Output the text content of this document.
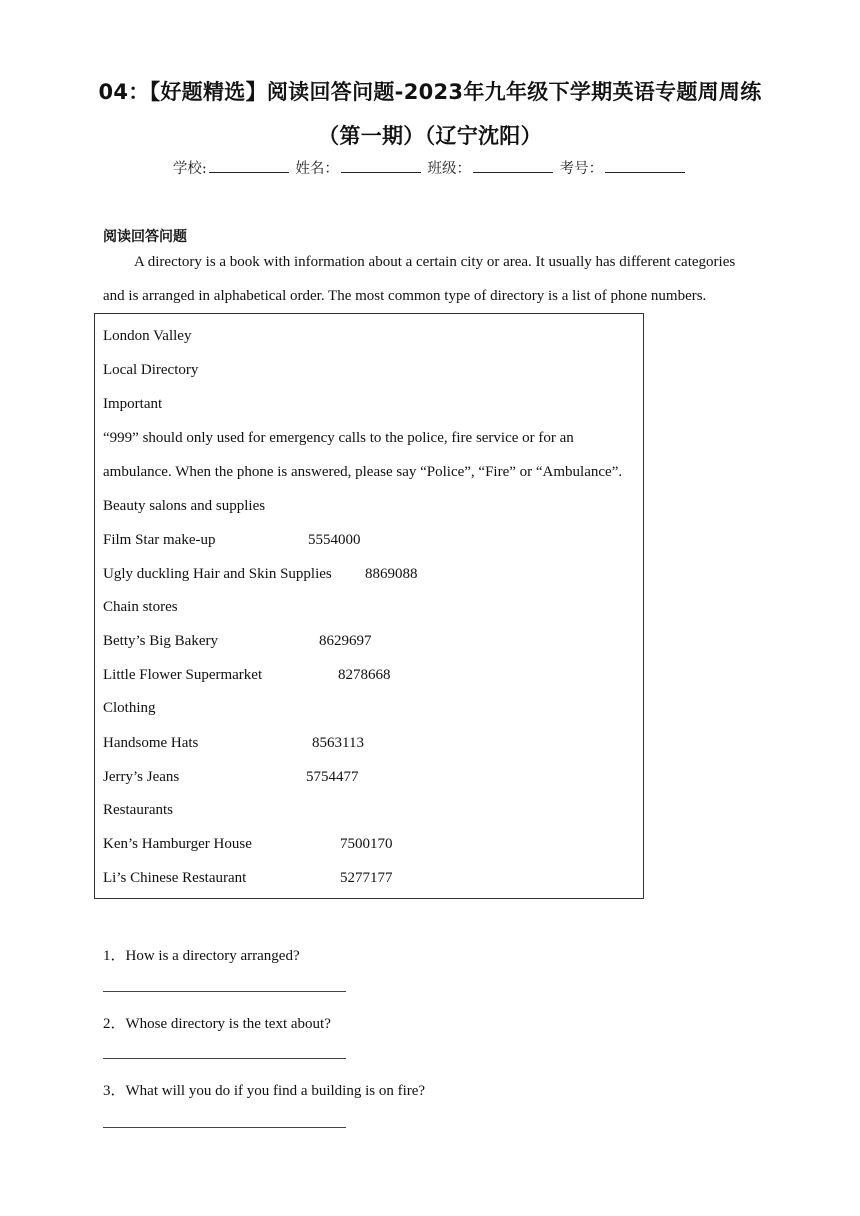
04：【好题精选】阅读回答问题-2023年九年级下学期英语专题周周练
（第一期）（辽宁沈阳）
学校:	姓名：	班级：	考号：
阅读回答问题
A directory is a book with information about a certain city or area. It usually has different categories
and is arranged in alphabetical order. The most common type of directory is a list of phone numbers.
London Valley
Local Directory
Important
“999” should only used for emergency calls to the police, fire service or for an
ambulance. When the phone is answered, please say “Police”, “Fire” or “Ambulance”.
Beauty salons and supplies
Film Star make-up	5554000
Ugly duckling Hair and Skin Supplies 8869088
Chain stores
Betty’s Big Bakery	8629697
Little Flower Supermarket	8278668
Clothing
Handsome Hats	8563113
Jerry’s Jeans	5754477
Restaurants
Ken’s Hamburger House	7500170
Li’s Chinese Restaurant	5277177
1．How is a directory arranged?
2．Whose directory is the text about?
3．What will you do if you find a building is on fire?
